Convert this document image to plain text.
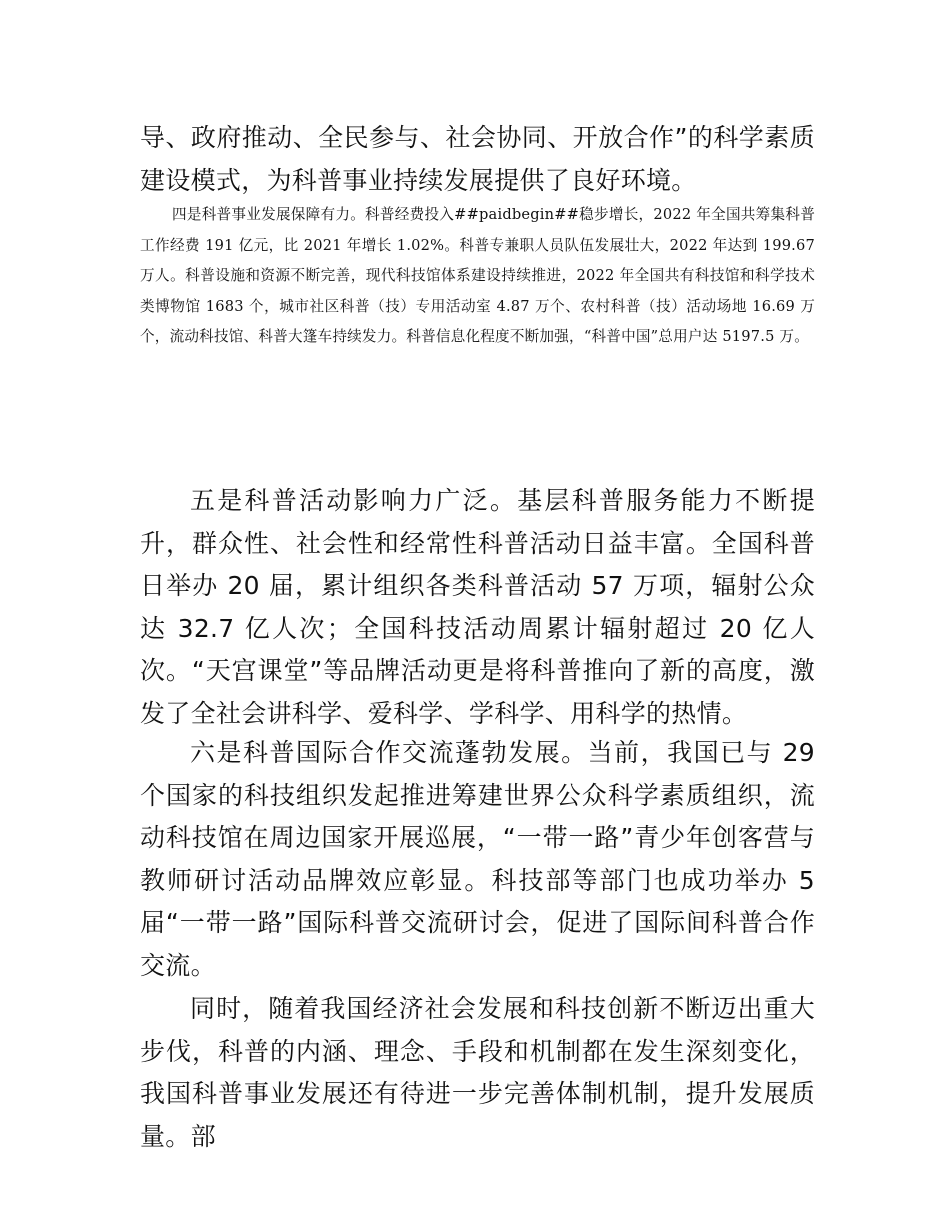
导、政府推动、全民参与、社会协同、开放合作”的科学素质建设模式，为科普事业持续发展提供了良好环境。

四是科普事业发展保障有力。科普经费投入##paidbegin##稳步增长，2022 年全国共筹集科普工作经费 191 亿元，比 2021 年增长 1.02%。科普专兼职人员队伍发展壮大，2022 年达到 199.67 万人。科普设施和资源不断完善，现代科技馆体系建设持续推进，2022 年全国共有科技馆和科学技术类博物馆 1683 个，城市社区科普（技）专用活动室 4.87 万个、农村科普（技）活动场地 16.69 万个，流动科技馆、科普大篷车持续发力。科普信息化程度不断加强，“科普中国”总用户达 5197.5 万。

五是科普活动影响力广泛。基层科普服务能力不断提升，群众性、社会性和经常性科普活动日益丰富。全国科普日举办 20 届，累计组织各类科普活动 57 万项，辐射公众达 32.7 亿人次；全国科技活动周累计辐射超过 20 亿人次。“天宫课堂”等品牌活动更是将科普推向了新的高度，激发了全社会讲科学、爱科学、学科学、用科学的热情。

六是科普国际合作交流蓬勃发展。当前，我国已与 29 个国家的科技组织发起推进筹建世界公众科学素质组织，流动科技馆在周边国家开展巡展，“一带一路”青少年创客营与教师研讨活动品牌效应彰显。科技部等部门也成功举办 5 届“一带一路”国际科普交流研讨会，促进了国际间科普合作交流。

同时，随着我国经济社会发展和科技创新不断迈出重大步伐，科普的内涵、理念、手段和机制都在发生深刻变化，我国科普事业发展还有待进一步完善体制机制，提升发展质量。部
